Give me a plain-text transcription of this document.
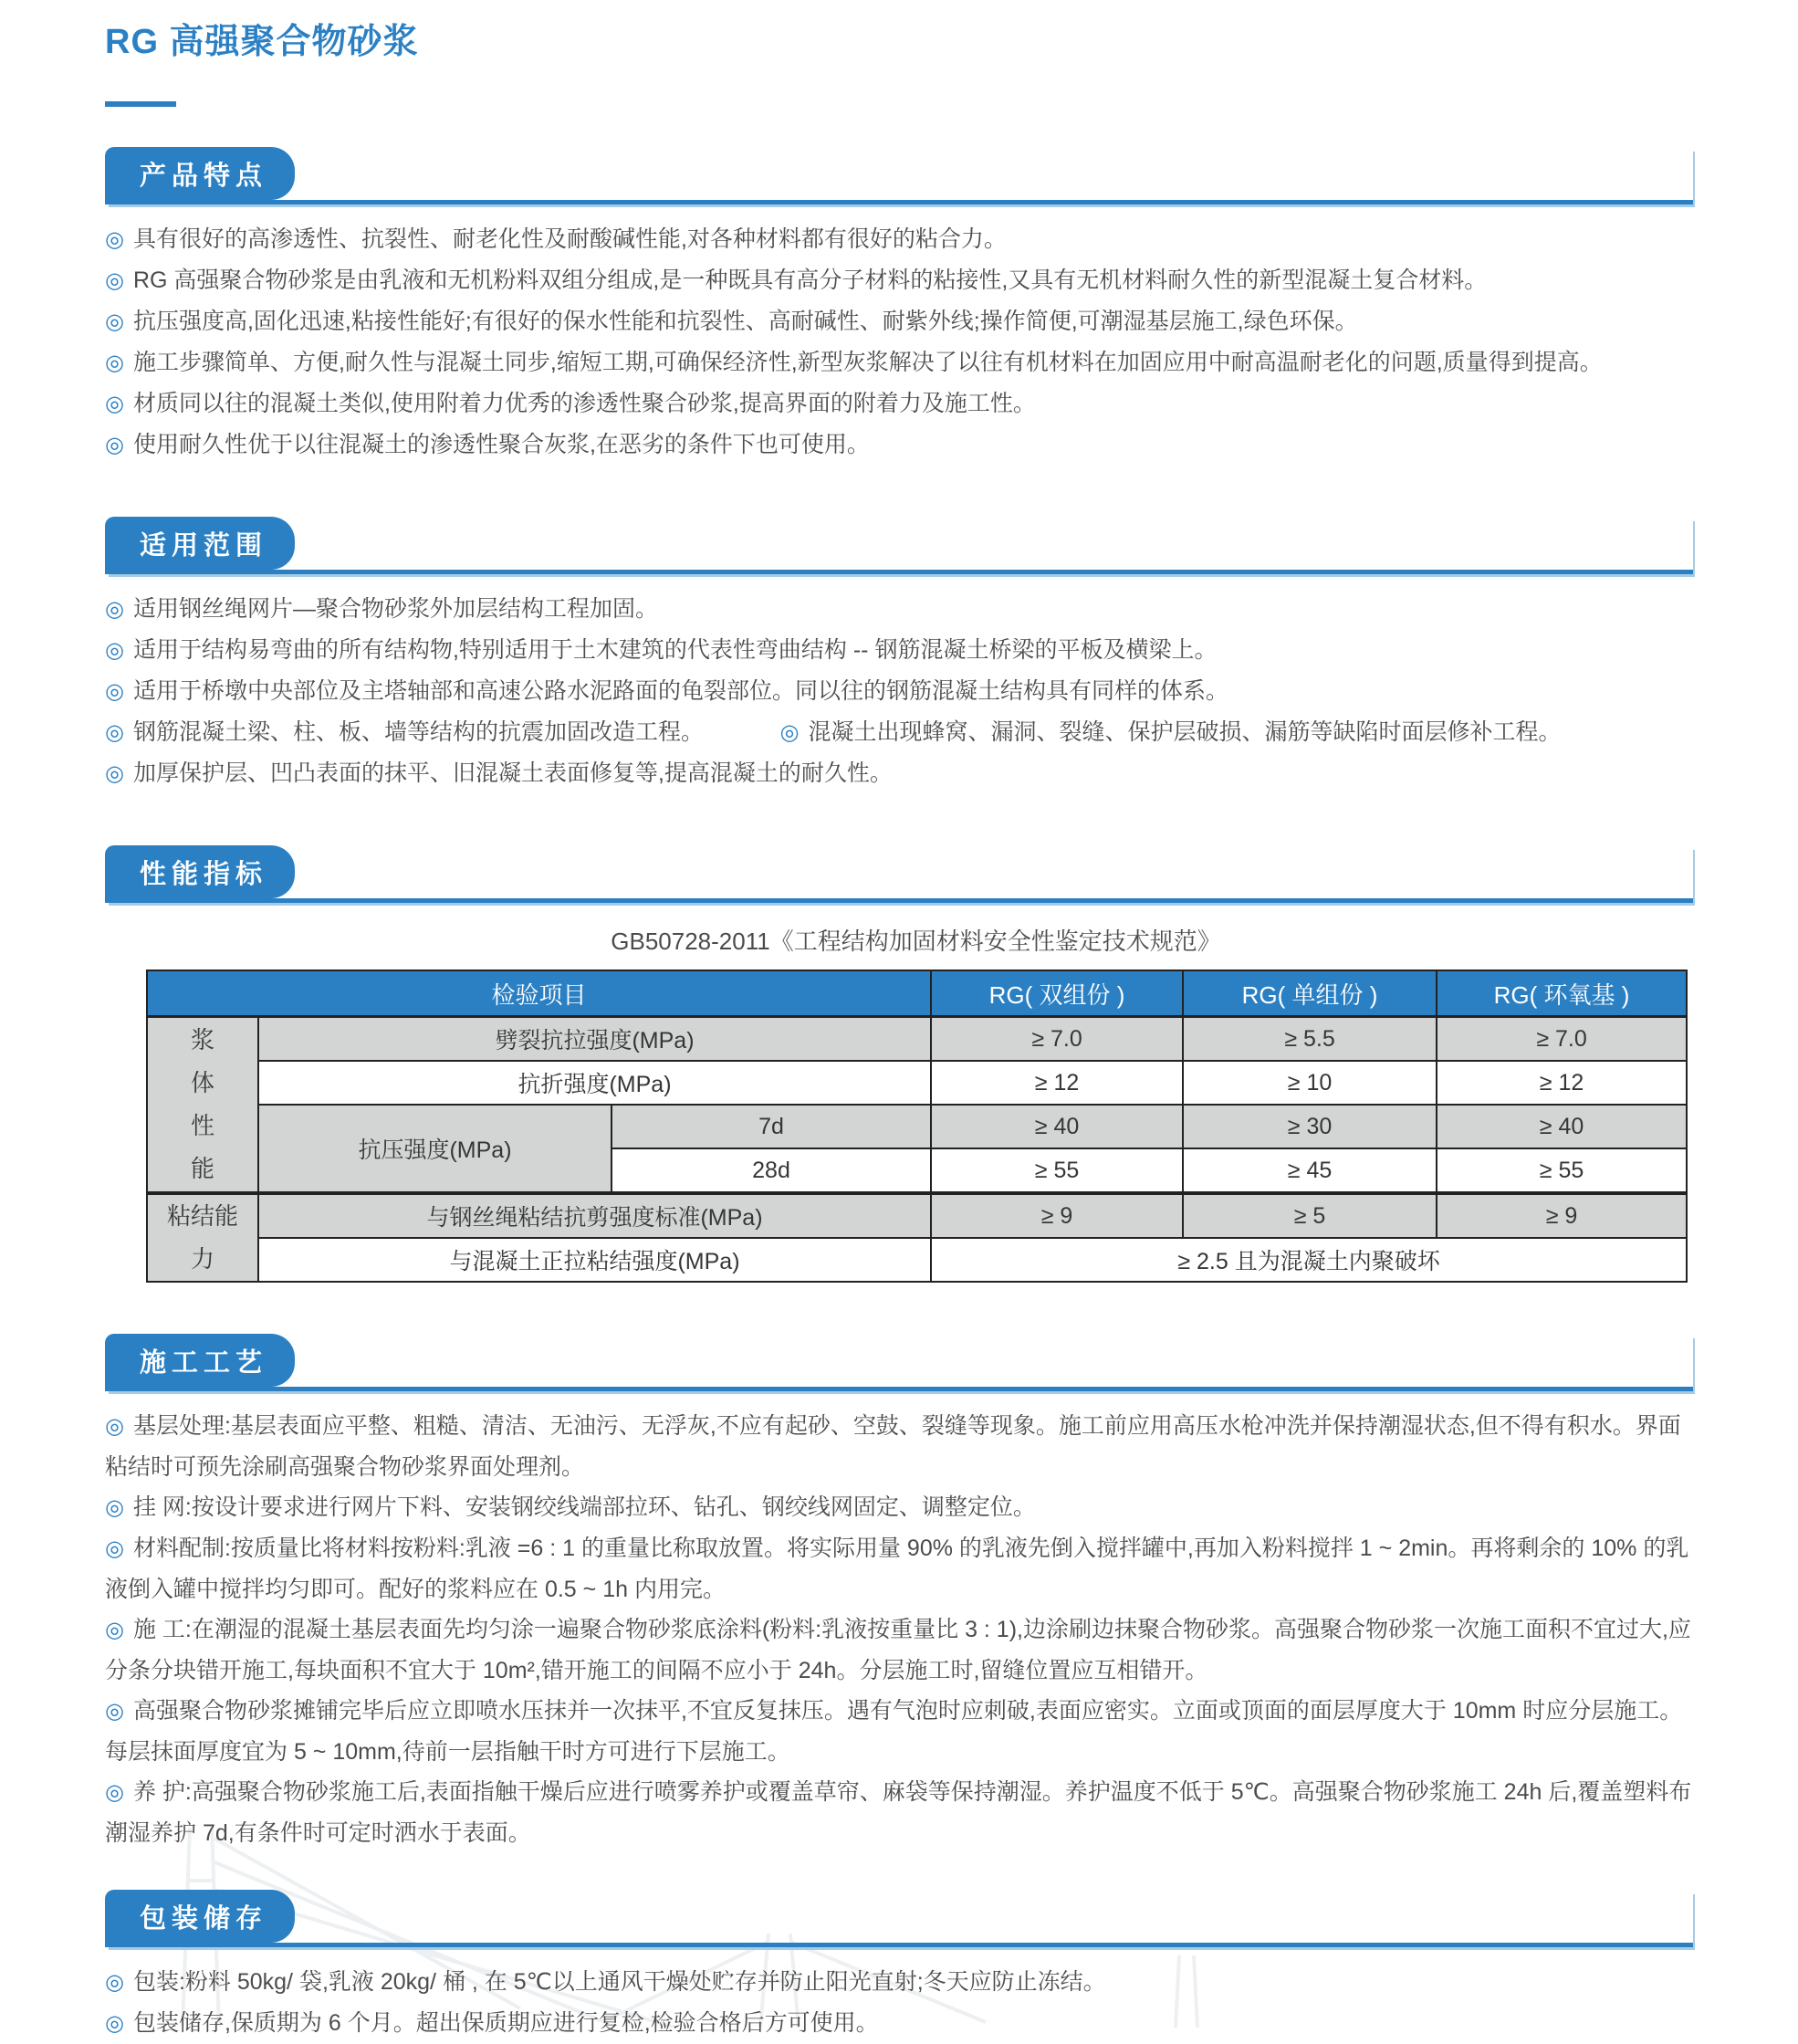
RG 高强聚合物砂浆
产品特点

◎ 具有很好的高渗透性、抗裂性、耐老化性及耐酸碱性能,对各种材料都有很好的粘合力。

◎ RG 高强聚合物砂浆是由乳液和无机粉料双组分组成,是一种既具有高分子材料的粘接性,又具有无机材料耐久性的新型混凝土复合材料。

◎ 抗压强度高,固化迅速,粘接性能好;有很好的保水性能和抗裂性、高耐碱性、耐紫外线;操作简便,可潮湿基层施工,绿色环保。

◎ 施工步骤简单、方便,耐久性与混凝土同步,缩短工期,可确保经济性,新型灰浆解决了以往有机材料在加固应用中耐高温耐老化的问题,质量得到提高。

◎ 材质同以往的混凝土类似,使用附着力优秀的渗透性聚合砂浆,提高界面的附着力及施工性。

◎ 使用耐久性优于以往混凝土的渗透性聚合灰浆,在恶劣的条件下也可使用。

适用范围

◎ 适用钢丝绳网片—聚合物砂浆外加层结构工程加固。

◎ 适用于结构易弯曲的所有结构物,特别适用于土木建筑的代表性弯曲结构 -- 钢筋混凝土桥梁的平板及横梁上。

◎ 适用于桥墩中央部位及主塔轴部和高速公路水泥路面的龟裂部位。同以往的钢筋混凝土结构具有同样的体系。

◎ 钢筋混凝土梁、柱、板、墙等结构的抗震加固改造工程。	◎ 混凝土出现蜂窝、漏洞、裂缝、保护层破损、漏筋等缺陷时面层修补工程。

◎ 加厚保护层、凹凸表面的抹平、旧混凝土表面修复等,提高混凝土的耐久性。

性能指标
GB50728-2011《工程结构加固材料安全性鉴定技术规范》
检验项目			RG( 双组份 )	RG( 单组份 )	RG( 环氧基 )
浆体性能	劈裂抗拉强度(MPa)		≥ 7.0	≥ 5.5	≥ 7.0
	抗折强度(MPa)		≥ 12	≥ 10	≥ 12
	抗压强度(MPa)	7d	≥ 40	≥ 30	≥ 40
		28d	≥ 55	≥ 45	≥ 55
粘结能力	与钢丝绳粘结抗剪强度标准(MPa)		≥ 9	≥ 5	≥ 9
	与混凝土正拉粘结强度(MPa)		≥ 2.5 且为混凝土内聚破坏		
施工工艺

◎ 基层处理:基层表面应平整、粗糙、清洁、无油污、无浮灰,不应有起砂、空鼓、裂缝等现象。施工前应用高压水枪冲洗并保持潮湿状态,但不得有积水。界面粘结时可预先涂刷高强聚合物砂浆界面处理剂。

◎ 挂 网:按设计要求进行网片下料、安装钢绞线端部拉环、钻孔、钢绞线网固定、调整定位。

◎ 材料配制:按质量比将材料按粉料:乳液 =6 : 1 的重量比称取放置。将实际用量 90% 的乳液先倒入搅拌罐中,再加入粉料搅拌 1 ~ 2min。再将剩余的 10% 的乳液倒入罐中搅拌均匀即可。配好的浆料应在 0.5 ~ 1h 内用完。

◎ 施 工:在潮湿的混凝土基层表面先均匀涂一遍聚合物砂浆底涂料(粉料:乳液按重量比 3 : 1),边涂刷边抹聚合物砂浆。高强聚合物砂浆一次施工面积不宜过大,应分条分块错开施工,每块面积不宜大于 10m²,错开施工的间隔不应小于 24h。分层施工时,留缝位置应互相错开。

◎ 高强聚合物砂浆摊铺完毕后应立即喷水压抹并一次抹平,不宜反复抹压。遇有气泡时应刺破,表面应密实。立面或顶面的面层厚度大于 10mm 时应分层施工。每层抹面厚度宜为 5 ~ 10mm,待前一层指触干时方可进行下层施工。

◎ 养 护:高强聚合物砂浆施工后,表面指触干燥后应进行喷雾养护或覆盖草帘、麻袋等保持潮湿。养护温度不低于 5℃。高强聚合物砂浆施工 24h 后,覆盖塑料布潮湿养护 7d,有条件时可定时洒水于表面。

包装储存

◎ 包装:粉料 50kg/ 袋,乳液 20kg/ 桶 , 在 5℃以上通风干燥处贮存并防止阳光直射;冬天应防止冻结。

◎ 包装储存,保质期为 6 个月。超出保质期应进行复检,检验合格后方可使用。
